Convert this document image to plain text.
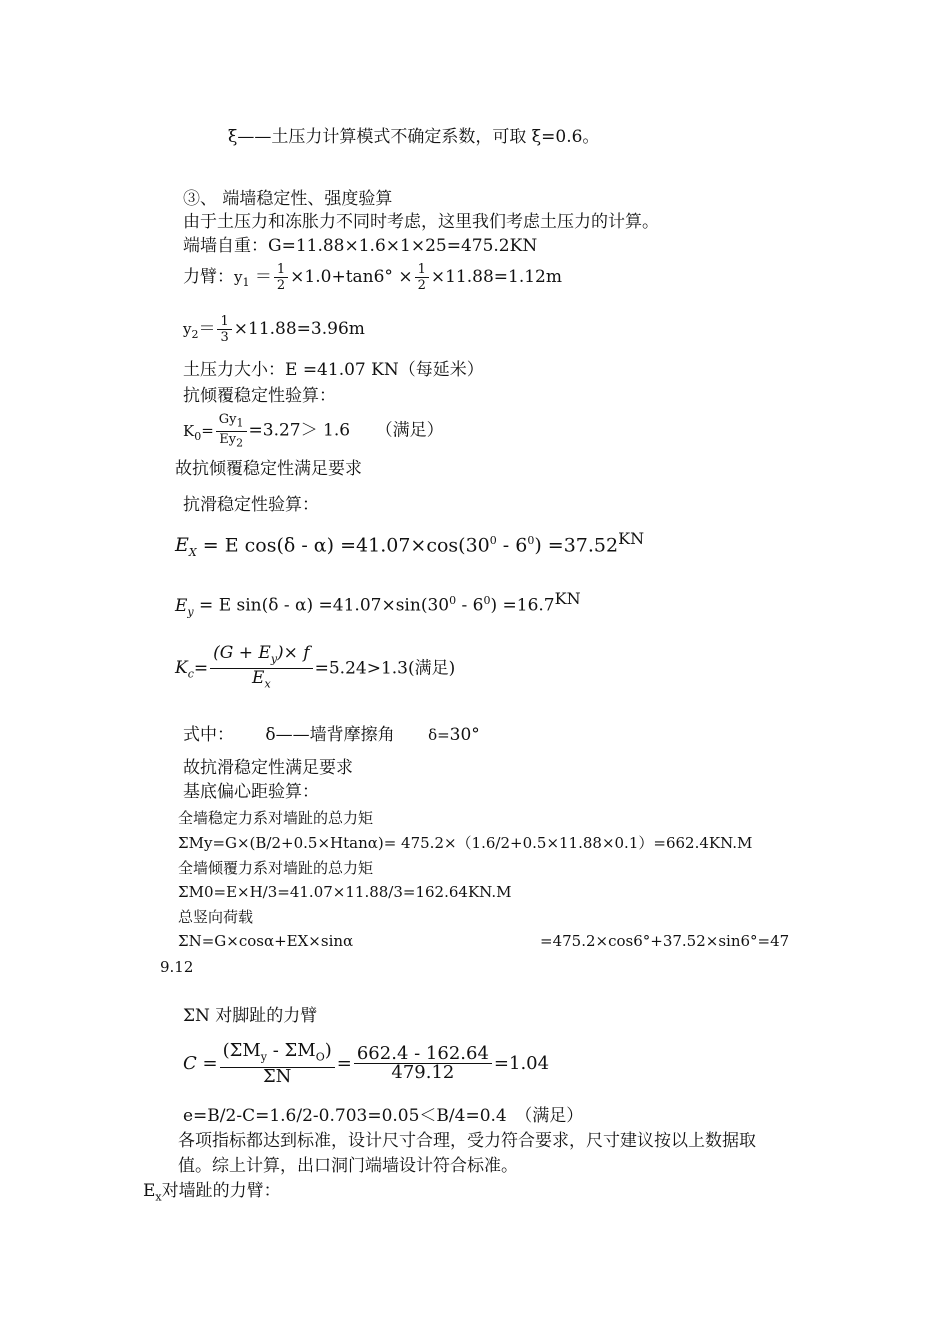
ξ——土压力计算模式不确定系数，可取 ξ=0.6。
③、 端墙稳定性、强度验算
由于土压力和冻胀力不同时考虑，这里我们考虑土压力的计算。
端墙自重：G=11.88×1.6×1×25=475.2KN
力臂：$y_1 = \frac{1}{2} \times 1.0+\tan 6^\circ \times \frac{1}{2} \times 11.88=1.12m$
$y_2= \frac{1}{3} \times 11.88=3.96m$
土压力大小：E =41.07 KN（每延米）
抗倾覆稳定性验算：
$K_0= \frac{Gy_1}{Ey_2} =3.27> 1.6$　　（满足）
故抗倾覆稳定性满足要求
抗滑稳定性验算：
$E_X = E$ $\cos(\delta - \alpha) =41.07\times\cos(30^0 - 6^0) =37.52^{KN}$
$E_y = E$ $\sin(\delta - \alpha) =41.07\times\sin(30^0 - 6^0) =16.7^{KN}$
$K_c= \frac{(G + E_y)\times f}{E_x} =5.24>1.3$(满足)
式中： δ——墙背摩擦角 δ=30°
故抗滑稳定性满足要求
基底偏心距验算：
全墙稳定力系对墙趾的总力矩
ΣMy=G×(B/2+0.5×Htanα)= 475.2×（1.6/2+0.5×11.88×0.1）=662.4KN.M
全墙倾覆力系对墙趾的总力矩
ΣM0=E×H/3=41.07×11.88/3=162.64KN.M
总竖向荷载
ΣN=G×cosα+EX×sinα	=475.2×cos6°+37.52×sin6°=47
9.12
ΣN 对脚趾的力臂
$C = \frac{(\Sigma M_y - \Sigma M_O)}{\Sigma N} = \frac{662.4 - 162.64}{479.12} =1.04$
e=B/2-C=1.6/2-0.703=0.05＜B/4=0.4　（满足）
各项指标都达到标准，设计尺寸合理，受力符合要求，尺寸建议按以上数据取
值。综上计算，出口洞门端墙设计符合标准。
$E_x$对墙趾的力臂：
